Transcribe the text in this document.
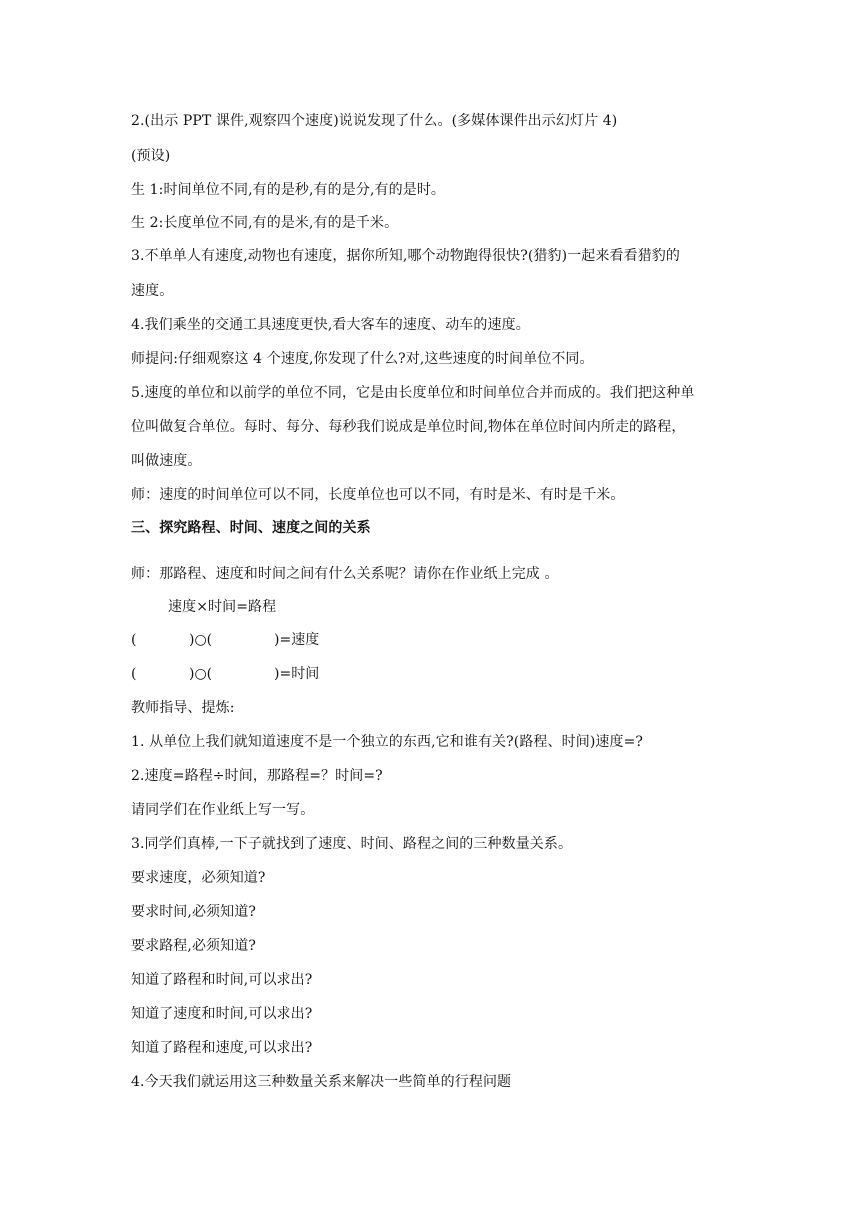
2.(出示 PPT 课件,观察四个速度)说说发现了什么。(多媒体课件出示幻灯片 4)
(预设)
生 1:时间单位不同,有的是秒,有的是分,有的是时。
生 2:长度单位不同,有的是米,有的是千米。
3.不单单人有速度,动物也有速度，据你所知,哪个动物跑得很快?(猎豹)一起来看看猎豹的
速度。
4.我们乘坐的交通工具速度更快,看大客车的速度、动车的速度。
师提问:仔细观察这 4 个速度,你发现了什么?对,这些速度的时间单位不同。
5.速度的单位和以前学的单位不同，它是由长度单位和时间单位合并而成的。我们把这种单
位叫做复合单位。每时、每分、每秒我们说成是单位时间,物体在单位时间内所走的路程，
叫做速度。
师：速度的时间单位可以不同，长度单位也可以不同，有时是米、有时是千米。
三、探究路程、时间、速度之间的关系
师：那路程、速度和时间之间有什么关系呢？请你在作业纸上完成 。
速度×时间=路程
(	)○(	)=速度
(	)○(	)=时间
教师指导、提炼:
1. 从单位上我们就知道速度不是一个独立的东西,它和谁有关?(路程、时间)速度=?
2.速度=路程÷时间，那路程=？时间=?
请同学们在作业纸上写一写。
3.同学们真棒,一下子就找到了速度、时间、路程之间的三种数量关系。
要求速度，必须知道?
要求时间,必须知道?
要求路程,必须知道?
知道了路程和时间,可以求出?
知道了速度和时间,可以求出?
知道了路程和速度,可以求出?
4.今天我们就运用这三种数量关系来解决一些简单的行程问题
